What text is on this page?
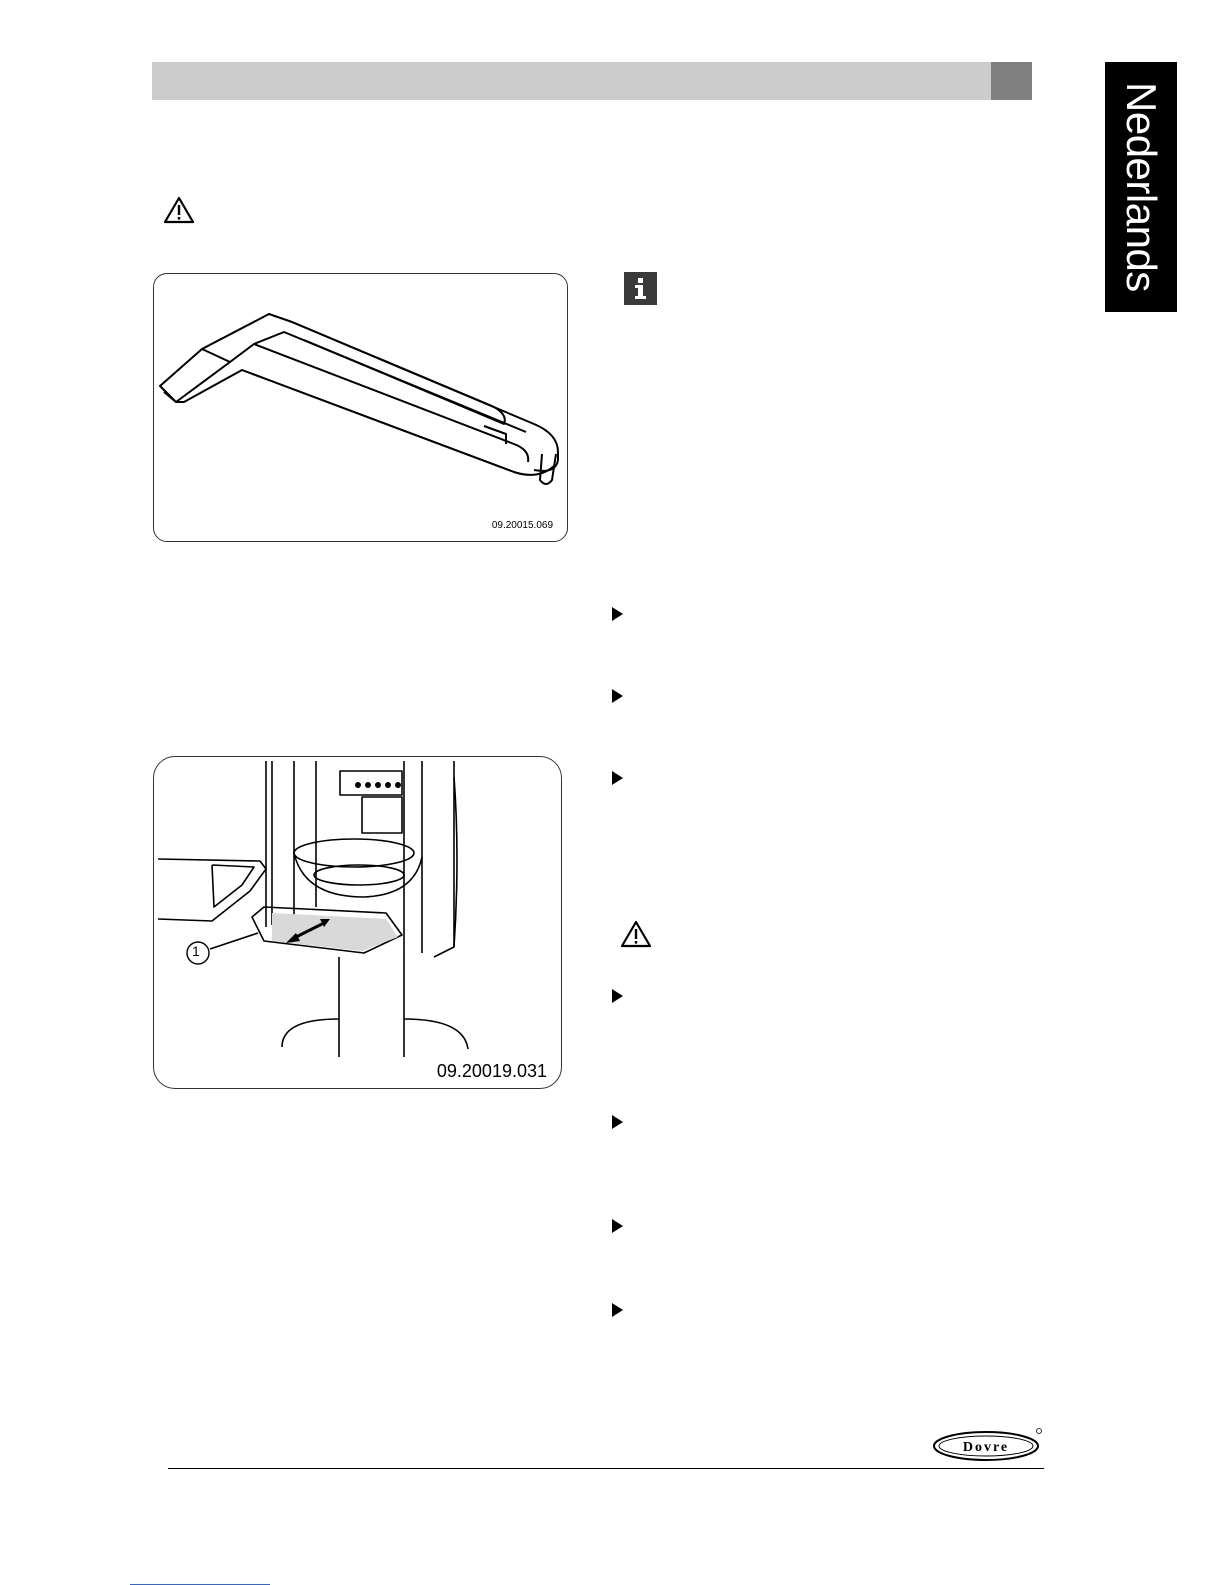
Nederlands
09.20015.069
1
09.20019.031
Dovre
